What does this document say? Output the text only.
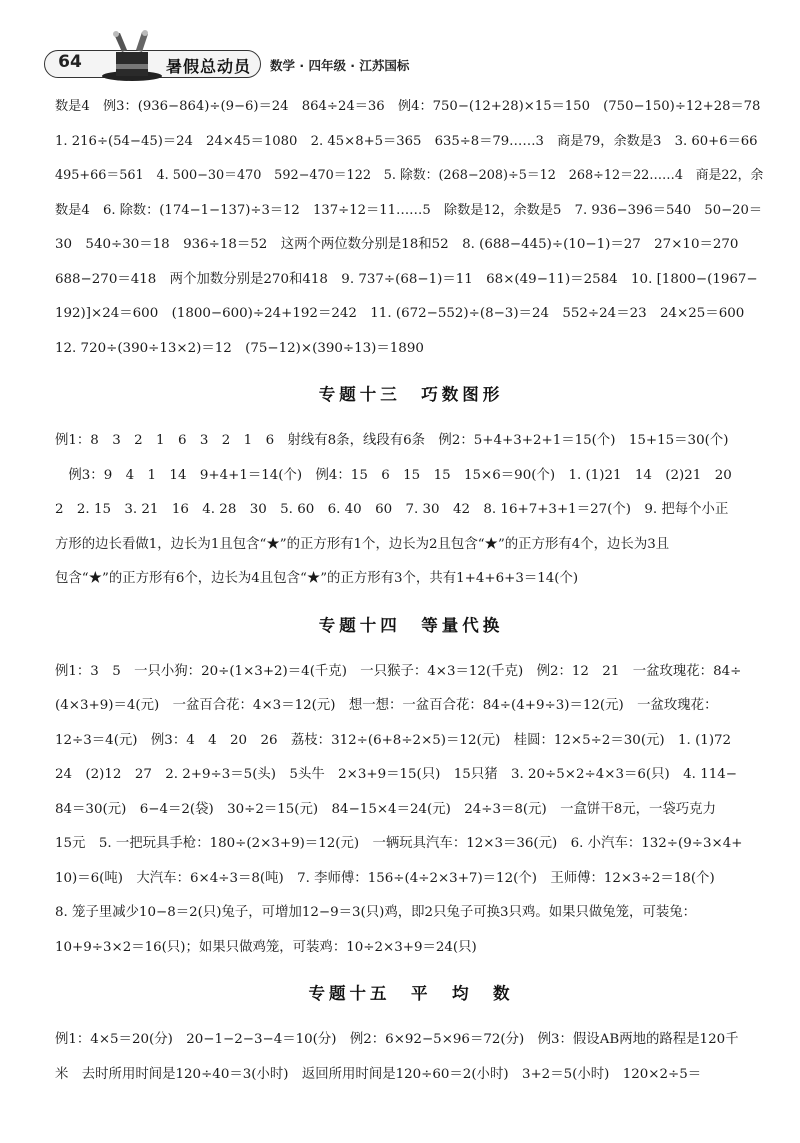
64	暑假总动员 数学 · 四年级 · 江苏国标
数是4　例3：(936−864)÷(9−6)＝24　864÷24＝36　例4：750−(12+28)×15＝150　(750−150)÷12+28＝78
1. 216÷(54−45)＝24　24×45＝1080　2. 45×8+5＝365　635÷8＝79……3　商是79，余数是3　3. 60+6＝66
495+66＝561　4. 500−30＝470　592−470＝122　5. 除数：(268−208)÷5＝12　268÷12＝22……4　商是22，余
数是4　6. 除数：(174−1−137)÷3＝12　137÷12＝11……5　除数是12，余数是5　7. 936−396＝540　50−20＝
30　540÷30＝18　936÷18＝52　这两个两位数分别是18和52　8. (688−445)÷(10−1)＝27　27×10＝270
688−270＝418　两个加数分别是270和418　9. 737÷(68−1)＝11　68×(49−11)＝2584　10. [1800−(1967−
192)]×24＝600　(1800−600)÷24+192＝242　11. (672−552)÷(8−3)＝24　552÷24＝23　24×25＝600
12. 720÷(390÷13×2)＝12　(75−12)×(390÷13)＝1890
专题十三　巧数图形
例1：8　3　2　1　6　3　2　1　6　射线有8条，线段有6条　例2：5+4+3+2+1＝15(个)　15+15＝30(个)
　例3：9　4　1　14　9+4+1＝14(个)　例4：15　6　15　15　15×6＝90(个)　1. (1)21　14　(2)21　20
2　2. 15　3. 21　16　4. 28　30　5. 60　6. 40　60　7. 30　42　8. 16+7+3+1＝27(个)　9. 把每个小正
方形的边长看做1，边长为1且包含“★”的正方形有1个，边长为2且包含“★”的正方形有4个，边长为3且
包含“★”的正方形有6个，边长为4且包含“★”的正方形有3个，共有1+4+6+3＝14(个)
专题十四　等量代换
例1：3　5　一只小狗：20÷(1×3+2)＝4(千克)　一只猴子：4×3＝12(千克)　例2：12　21　一盆玫瑰花：84÷
(4×3+9)＝4(元)　一盆百合花：4×3＝12(元)　想一想：一盆百合花：84÷(4+9÷3)＝12(元)　一盆玫瑰花：
12÷3＝4(元)　例3：4　4　20　26　荔枝：312÷(6+8÷2×5)＝12(元)　桂圆：12×5÷2＝30(元)　1. (1)72
24　(2)12　27　2. 2+9÷3＝5(头)　5头牛　2×3+9＝15(只)　15只猪　3. 20÷5×2÷4×3＝6(只)　4. 114−
84＝30(元)　6−4＝2(袋)　30÷2＝15(元)　84−15×4＝24(元)　24÷3＝8(元)　一盒饼干8元，一袋巧克力
15元　5. 一把玩具手枪：180÷(2×3+9)＝12(元)　一辆玩具汽车：12×3＝36(元)　6. 小汽车：132÷(9÷3×4+
10)＝6(吨)　大汽车：6×4÷3＝8(吨)　7. 李师傅：156÷(4÷2×3+7)＝12(个)　王师傅：12×3÷2＝18(个)
8. 笼子里减少10−8＝2(只)兔子，可增加12−9＝3(只)鸡，即2只兔子可换3只鸡。如果只做兔笼，可装兔：
10+9÷3×2＝16(只)；如果只做鸡笼，可装鸡：10÷2×3+9＝24(只)
专题十五　平　均　数
例1：4×5＝20(分)　20−1−2−3−4＝10(分)　例2：6×92−5×96＝72(分)　例3：假设AB两地的路程是120千
米　去时所用时间是120÷40＝3(小时)　返回所用时间是120÷60＝2(小时)　3+2＝5(小时)　120×2÷5＝
